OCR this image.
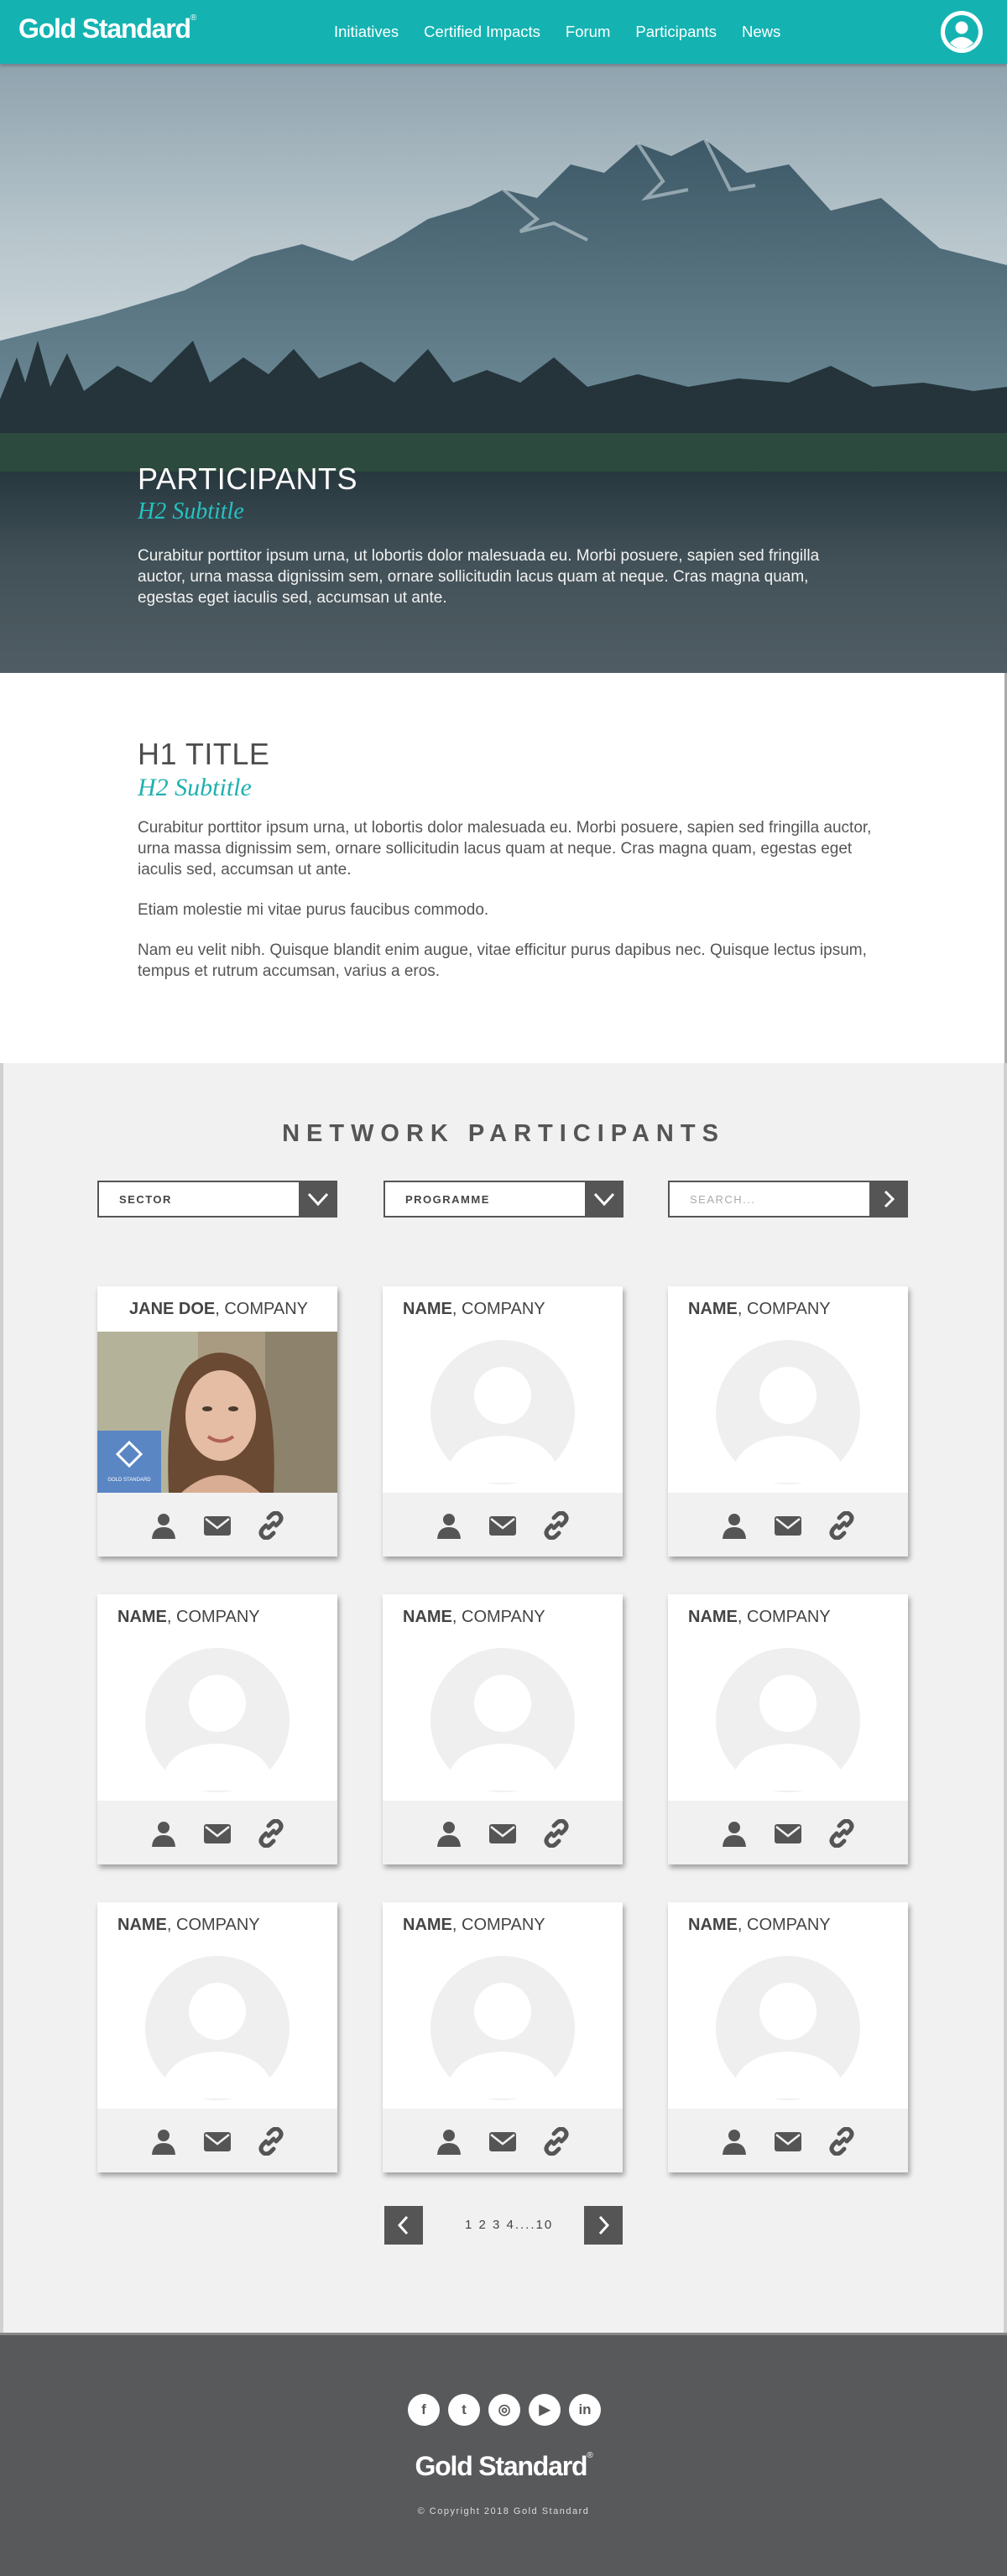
Gold Standard®
Initiatives Certified Impacts Forum Participants News
PARTICIPANTS
H2 Subtitle
Curabitur porttitor ipsum urna, ut lobortis dolor malesuada eu. Morbi posuere, sapien sed fringilla auctor, urna massa dignissim sem, ornare sollicitudin lacus quam at neque. Cras magna quam, egestas eget iaculis sed, accumsan ut ante.
H1 TITLE
H2 Subtitle

Curabitur porttitor ipsum urna, ut lobortis dolor malesuada eu. Morbi posuere, sapien sed fringilla auctor, urna massa dignissim sem, ornare sollicitudin lacus quam at neque. Cras magna quam, egestas eget iaculis sed, accumsan ut ante.

Etiam molestie mi vitae purus faucibus commodo.

Nam eu velit nibh. Quisque blandit enim augue, vitae efficitur purus dapibus nec. Quisque lectus ipsum, tempus et rutrum accumsan, varius a eros.

NETWORK PARTICIPANTS
SECTOR	PROGRAMME	SEARCH...
JANE DOE, COMPANY
GOLD STANDARD
NAME, COMPANY	NAME, COMPANY
NAME, COMPANY	NAME, COMPANY	NAME, COMPANY
NAME, COMPANY	NAME, COMPANY	NAME, COMPANY
1 2 3 4....10
f	t	◎	▶	in
Gold Standard®
© Copyright 2018 Gold Standard
